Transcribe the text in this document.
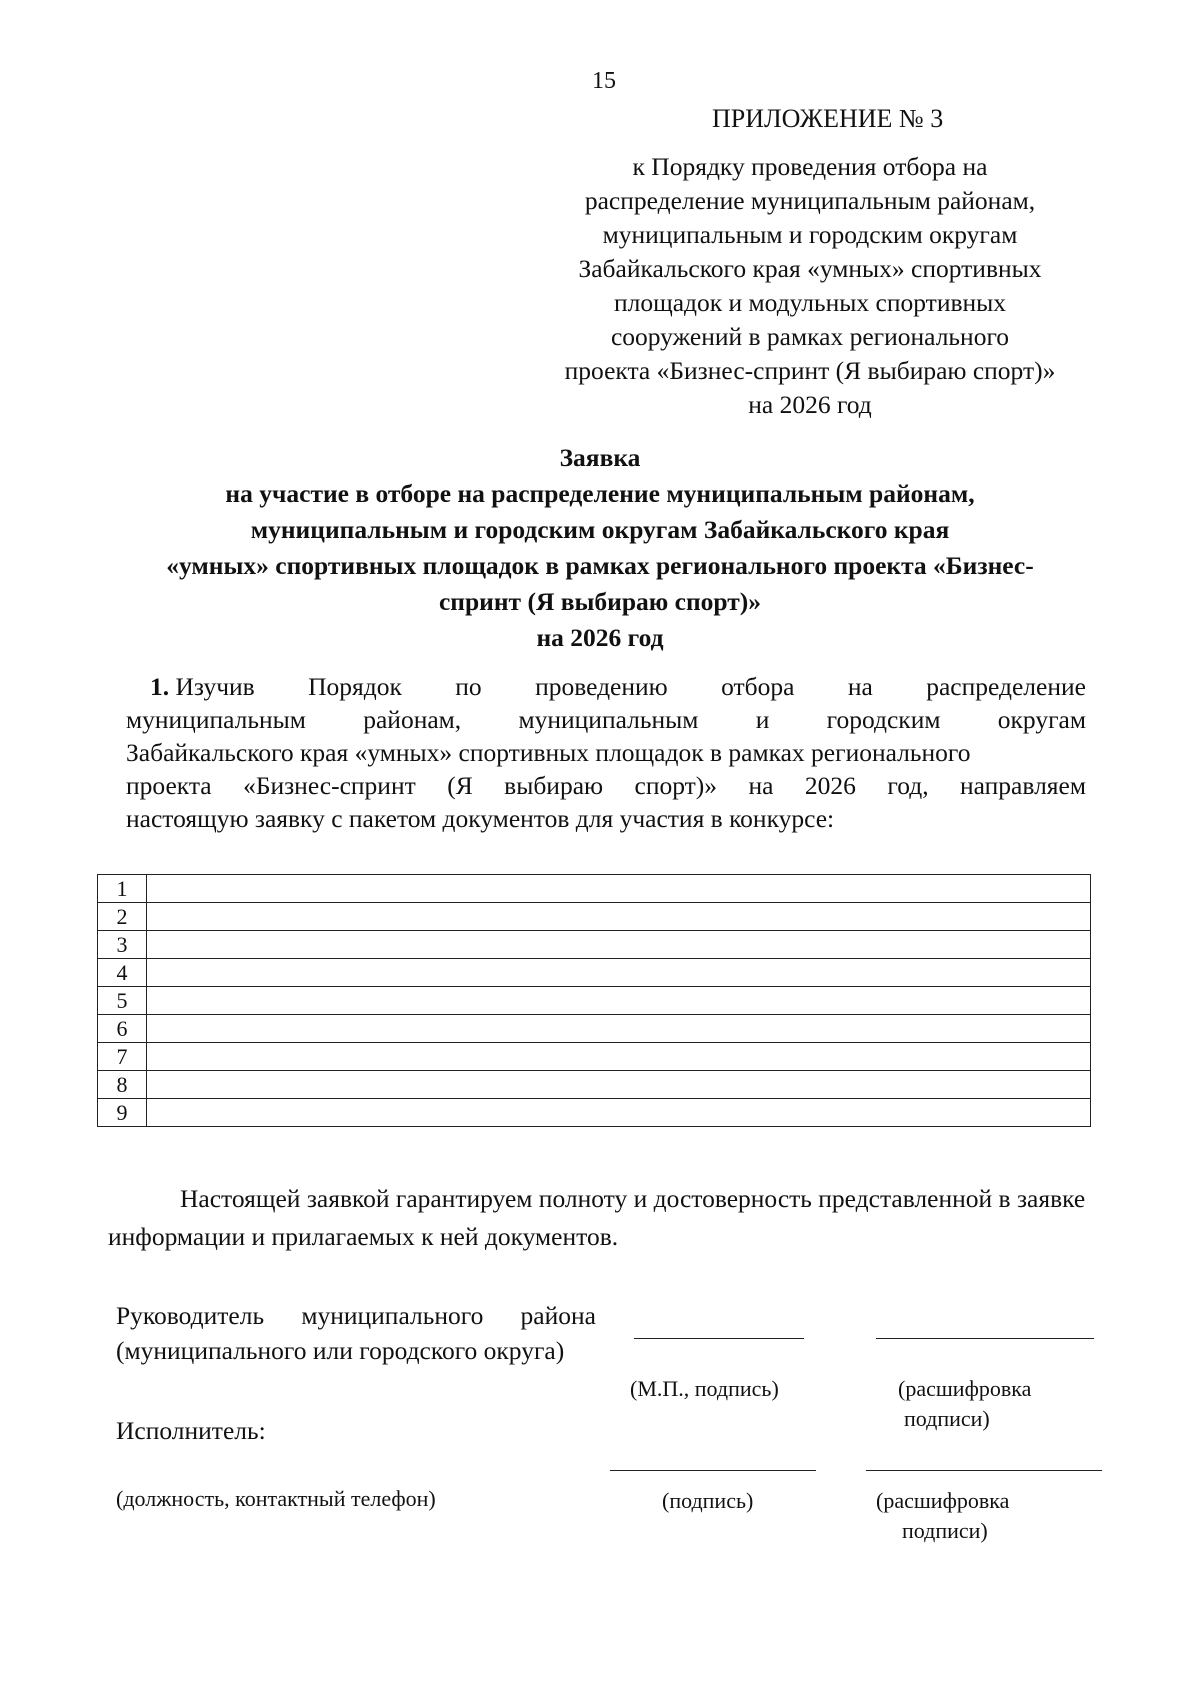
15
ПРИЛОЖЕНИЕ № 3
к Порядку проведения отбора на
распределение муниципальным районам,
муниципальным и городским округам
Забайкальского края «умных» спортивных
площадок и модульных спортивных
сооружений в рамках регионального
проекта «Бизнес-спринт (Я выбираю спорт)»
на 2026 год
Заявка
на участие в отборе на распределение муниципальным районам,
муниципальным и городским округам Забайкальского края
«умных» спортивных площадок в рамках регионального проекта «Бизнес-
спринт (Я выбираю спорт)»
на 2026 год
1. Изучив Порядок по проведению отбора на распределение
муниципальным районам, муниципальным и городским округам
Забайкальского края «умных» спортивных площадок в рамках регионального
проекта «Бизнес-спринт (Я выбираю спорт)» на 2026 год, направляем
настоящую заявку с пакетом документов для участия в конкурсе:
1	
2	
3	
4	
5	
6	
7	
8	
9	
Настоящей заявкой гарантируем полноту и достоверность представленной в заявке информации и прилагаемых к ней документов.
Руководитель муниципального района
(муниципального или городского округа)
(М.П., подпись)	(расшифровка
подписи)
Исполнитель:
(должность, контактный телефон)	(подпись)	(расшифровка
подписи)
